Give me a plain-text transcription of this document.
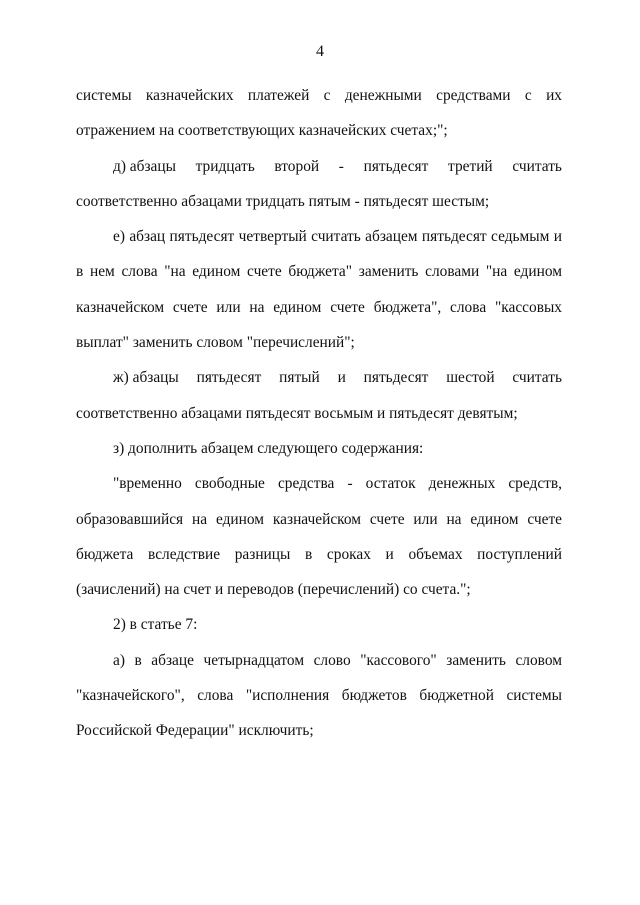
4

системы казначейских платежей с денежными средствами с их отражением на соответствующих казначейских счетах;";

д) абзацы тридцать второй - пятьдесят третий считать

соответственно абзацами тридцать пятым - пятьдесят шестым;

е) абзац пятьдесят четвертый считать абзацем пятьдесят седьмым и в нем слова "на едином счете бюджета" заменить словами "на едином казначейском счете или на едином счете бюджета", слова "кассовых выплат" заменить словом "перечислений";

ж) абзацы пятьдесят пятый и пятьдесят шестой считать

соответственно абзацами пятьдесят восьмым и пятьдесят девятым;

з) дополнить абзацем следующего содержания:

"временно свободные средства - остаток денежных средств, образовавшийся на едином казначейском счете или на едином счете бюджета вследствие разницы в сроках и объемах поступлений (зачислений) на счет и переводов (перечислений) со счета.";

2) в статье 7:

а) в абзаце четырнадцатом слово "кассового" заменить словом "казначейского", слова "исполнения бюджетов бюджетной системы Российской Федерации" исключить;
